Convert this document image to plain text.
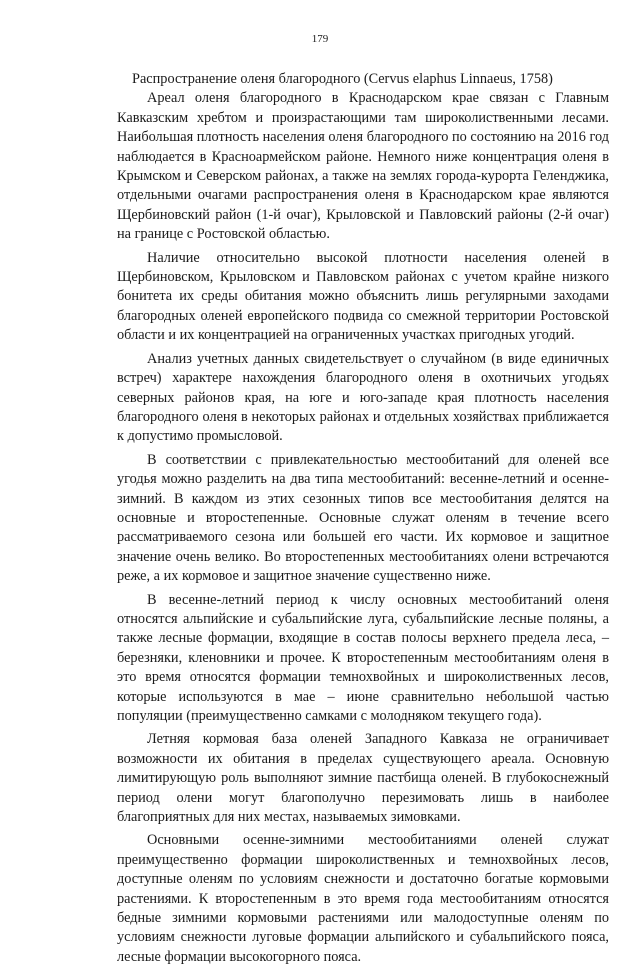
179

Распространение оленя благородного (Cervus elaphus Linnaeus, 1758)

Ареал оленя благородного в Краснодарском крае связан с Главным Кавказским хребтом и произрастающими там широколиственными лесами. Наибольшая плотность населения оленя благородного по состоянию на 2016 год наблюдается в Красноармейском районе. Немного ниже концентрация оленя в Крымском и Северском районах, а также на землях города-курорта Геленджика, отдельными очагами распространения оленя в Краснодарском крае являются Щербиновский район (1-й очаг), Крыловской и Павловский районы (2-й очаг) на границе с Ростовской областью.

Наличие относительно высокой плотности населения оленей в Щербиновском, Крыловском и Павловском районах с учетом крайне низкого бонитета их среды обитания можно объяснить лишь регулярными заходами благородных оленей европейского подвида со смежной территории Ростовской области и их концентрацией на ограниченных участках пригодных угодий.

Анализ учетных данных свидетельствует о случайном (в виде единичных встреч) характере нахождения благородного оленя в охотничьих угодьях северных районов края, на юге и юго-западе края плотность населения благородного оленя в некоторых районах и отдельных хозяйствах приближается к допустимо промысловой.

В соответствии с привлекательностью местообитаний для оленей все угодья можно разделить на два типа местообитаний: весенне-летний и осенне-зимний. В каждом из этих сезонных типов все местообитания делятся на основные и второстепенные. Основные служат оленям в течение всего рассматриваемого сезона или большей его части. Их кормовое и защитное значение очень велико. Во второстепенных местообитаниях олени встречаются реже, а их кормовое и защитное значение существенно ниже.

В весенне-летний период к числу основных местообитаний оленя относятся альпийские и субальпийские луга, субальпийские лесные поляны, а также лесные формации, входящие в состав полосы верхнего предела леса, – березняки, кленовники и прочее. К второстепенным местообитаниям оленя в это время относятся формации темнохвойных и широколиственных лесов, которые используются в мае – июне сравнительно небольшой частью популяции (преимущественно самками с молодняком текущего года).

Летняя кормовая база оленей Западного Кавказа не ограничивает возможности их обитания в пределах существующего ареала. Основную лимитирующую роль выполняют зимние пастбища оленей. В глубокоснежный период олени могут благополучно перезимовать лишь в наиболее благоприятных для них местах, называемых зимовками.

Основными осенне-зимними местообитаниями оленей служат преимущественно формации широколиственных и темнохвойных лесов, доступные оленям по условиям снежности и достаточно богатые кормовыми растениями. К второстепенным в это время года местообитаниям относятся бедные зимними кормовыми растениями или малодоступные оленям по условиям снежности луговые формации альпийского и субальпийского пояса, лесные формации высокогорного пояса.
